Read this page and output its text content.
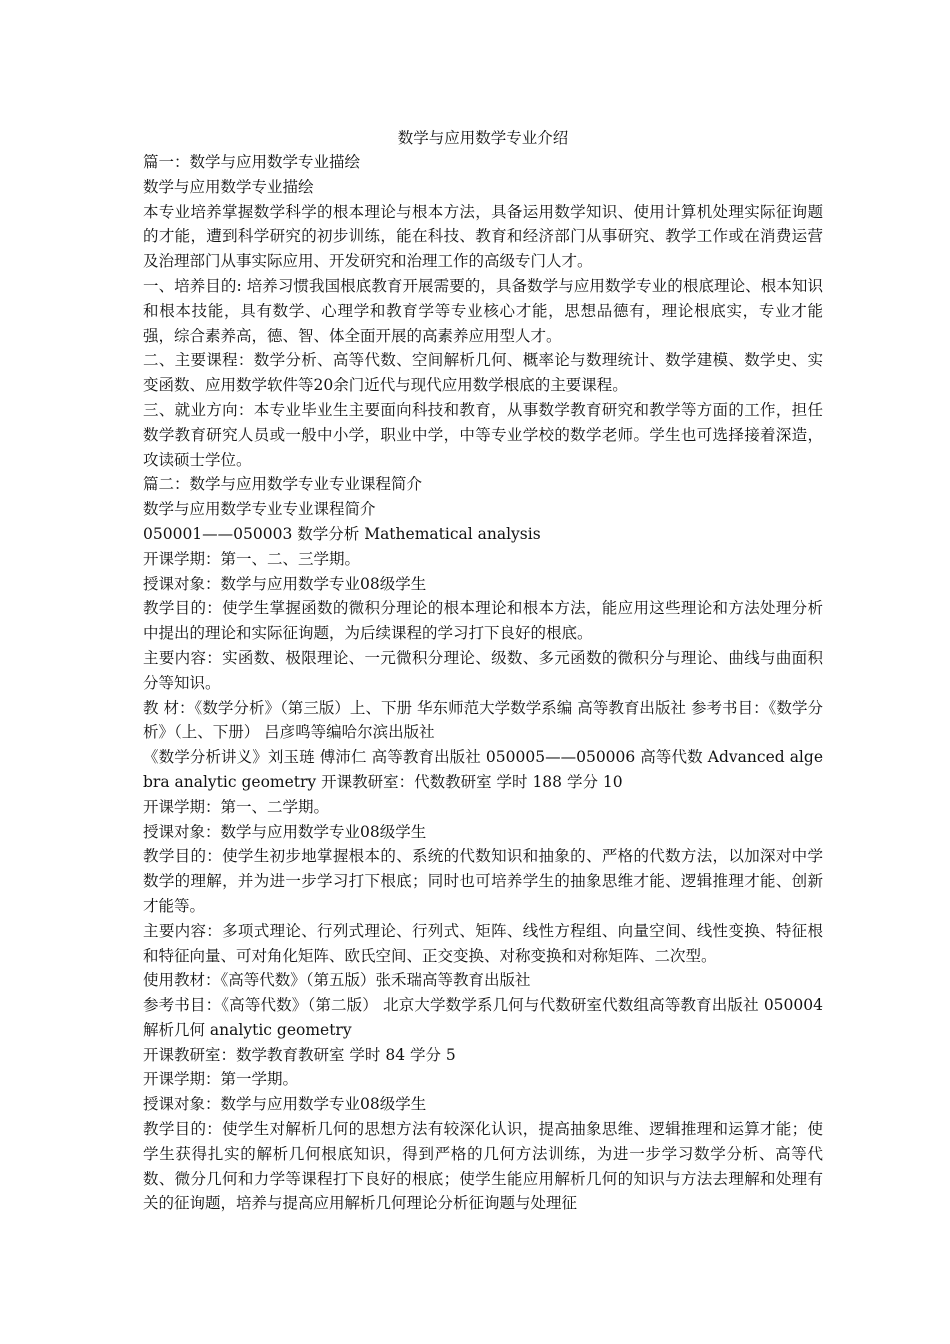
数学与应用数学专业介绍

篇一：数学与应用数学专业描绘

数学与应用数学专业描绘

本专业培养掌握数学科学的根本理论与根本方法，具备运用数学知识、使用计算机处理实际征询题的才能，遭到科学研究的初步训练，能在科技、教育和经济部门从事研究、教学工作或在消费运营及治理部门从事实际应用、开发研究和治理工作的高级专门人才。

一、培养目的: 培养习惯我国根底教育开展需要的，具备数学与应用数学专业的根底理论、根本知识和根本技能，具有数学、心理学和教育学等专业核心才能，思想品德有，理论根底实，专业才能强，综合素养高，德、智、体全面开展的高素养应用型人才。

二、主要课程：数学分析、高等代数、空间解析几何、概率论与数理统计、数学建模、数学史、实变函数、应用数学软件等20余门近代与现代应用数学根底的主要课程。

三、就业方向：本专业毕业生主要面向科技和教育，从事数学教育研究和教学等方面的工作，担任数学教育研究人员或一般中小学，职业中学，中等专业学校的数学老师。学生也可选择接着深造，攻读硕士学位。

篇二：数学与应用数学专业专业课程简介

数学与应用数学专业专业课程简介

050001——050003 数学分析 Mathematical analysis

开课学期：第一、二、三学期。

授课对象：数学与应用数学专业08级学生

教学目的：使学生掌握函数的微积分理论的根本理论和根本方法，能应用这些理论和方法处理分析中提出的理论和实际征询题，为后续课程的学习打下良好的根底。

主要内容：实函数、极限理论、一元微积分理论、级数、多元函数的微积分与理论、曲线与曲面积分等知识。

教 材：《数学分析》（第三版）上、下册 华东师范大学数学系编 高等教育出版社 参考书目：《数学分析》（上、下册） 吕彦鸣等编哈尔滨出版社

《数学分析讲义》刘玉琏 傅沛仁 高等教育出版社 050005——050006 高等代数 Advanced algebra analytic geometry 开课教研室：代数教研室 学时 188 学分 10

开课学期：第一、二学期。

授课对象：数学与应用数学专业08级学生

教学目的：使学生初步地掌握根本的、系统的代数知识和抽象的、严格的代数方法，以加深对中学数学的理解，并为进一步学习打下根底；同时也可培养学生的抽象思维才能、逻辑推理才能、创新才能等。

主要内容：多项式理论、行列式理论、行列式、矩阵、线性方程组、向量空间、线性变换、特征根和特征向量、可对角化矩阵、欧氏空间、正交变换、对称变换和对称矩阵、二次型。

使用教材：《高等代数》（第五版）张禾瑞高等教育出版社

参考书目：《高等代数》（第二版） 北京大学数学系几何与代数研室代数组高等教育出版社 050004 解析几何 analytic geometry

开课教研室：数学教育教研室 学时 84 学分 5

开课学期：第一学期。

授课对象：数学与应用数学专业08级学生

教学目的：使学生对解析几何的思想方法有较深化认识，提高抽象思维、逻辑推理和运算才能；使学生获得扎实的解析几何根底知识，得到严格的几何方法训练，为进一步学习数学分析、高等代数、微分几何和力学等课程打下良好的根底；使学生能应用解析几何的知识与方法去理解和处理有关的征询题，培养与提高应用解析几何理论分析征询题与处理征
